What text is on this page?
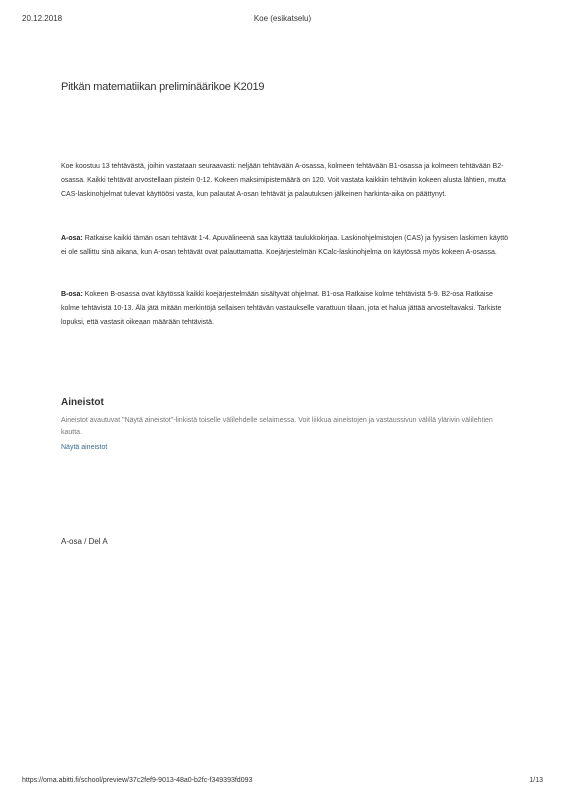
20.12.2018	Koe (esikatselu)
Pitkän matematiikan preliminäärikoe K2019

Koe koostuu 13 tehtävästä, joihin vastataan seuraavasti: neljään tehtävään A-osassa, kolmeen tehtävään B1-osassa ja kolmeen tehtävään B2-osassa. Kaikki tehtävät arvostellaan pistein 0-12. Kokeen maksimipistemäärä on 120. Voit vastata kaikkiin tehtäviin kokeen alusta lähtien, mutta CAS-laskinohjelmat tulevat käyttöösi vasta, kun palautat A-osan tehtävät ja palautuksen jälkeinen harkinta-aika on päättynyt.

A-osa: Ratkaise kaikki tämän osan tehtävät 1-4. Apuvälineenä saa käyttää taulukkokirjaa. Laskinohjelmistojen (CAS) ja fyysisen laskimen käyttö ei ole sallittu sinä aikana, kun A-osan tehtävät ovat palauttamatta. Koejärjestelmän KCalc-laskinohjelma on käytössä myös kokeen A-osassa.

B-osa: Kokeen B-osassa ovat käytössä kaikki koejärjestelmään sisältyvät ohjelmat. B1-osa Ratkaise kolme tehtävistä 5-9. B2-osa Ratkaise kolme tehtävistä 10-13. Älä jätä mitään merkintöjä sellaisen tehtävän vastaukselle varattuun tilaan, jota et halua jättää arvosteltavaksi. Tarkiste lopuksi, että vastasit oikeaan määrään tehtävistä.

Aineistot
Aineistot avautuvat "Näytä aineistot"-linkistä toiselle välilehdelle selaimessa. Voit liikkua aineistojen ja vastaussivun välillä ylärivin välilehtien kautta.
Näytä aineistot
A-osa / Del A
https://oma.abitti.fi/school/preview/37c2fef9-9013-48a0-b2fc-f349393fd093	1/13
